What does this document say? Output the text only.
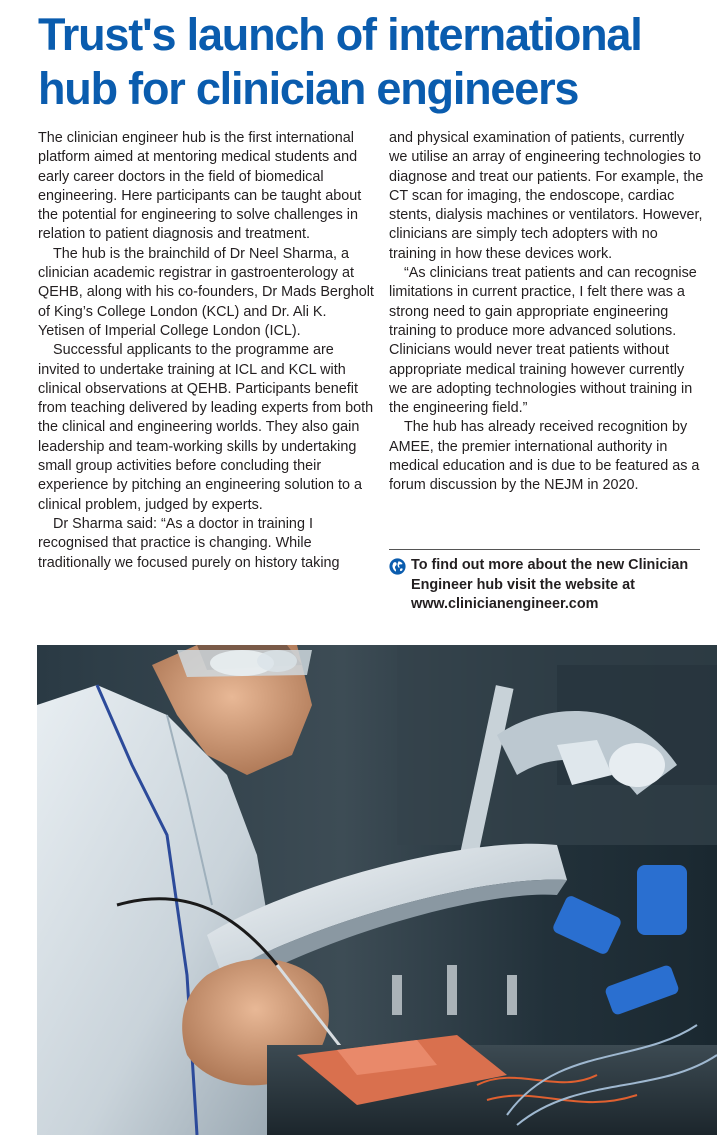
Trust's launch of international
hub for clinician engineers

The clinician engineer hub is the first international platform aimed at mentoring medical students and early career doctors in the field of biomedical engineering. Here participants can be taught about the potential for engineering to solve challenges in relation to patient diagnosis and treatment.

The hub is the brainchild of Dr Neel Sharma, a clinician academic registrar in gastroenterology at QEHB, along with his co-founders, Dr Mads Bergholt of King’s College London (KCL) and Dr. Ali K. Yetisen of Imperial College London (ICL).

Successful applicants to the programme are invited to undertake training at ICL and KCL with clinical observations at QEHB. Participants benefit from teaching delivered by leading experts from both the clinical and engineering worlds. They also gain leadership and team-working skills by undertaking small group activities before concluding their experience by pitching an engineering solution to a clinical problem, judged by experts.

Dr Sharma said: “As a doctor in training I recognised that practice is changing. While traditionally we focused purely on history taking

and physical examination of patients, currently we utilise an array of engineering technologies to diagnose and treat our patients. For example, the CT scan for imaging, the endoscope, cardiac stents, dialysis machines or ventilators. However, clinicians are simply tech adopters with no training in how these devices work.

“As clinicians treat patients and can recognise limitations in current practice, I felt there was a strong need to gain appropriate engineering training to produce more advanced solutions. Clinicians would never treat patients without appropriate medical training however currently we are adopting technologies without training in the engineering field.”

The hub has already received recognition by AMEE, the premier international authority in medical education and is due to be featured as a forum discussion by the NEJM in 2020.

To find out more about the new Clinician Engineer hub visit the website at www.clinicianengineer.com
